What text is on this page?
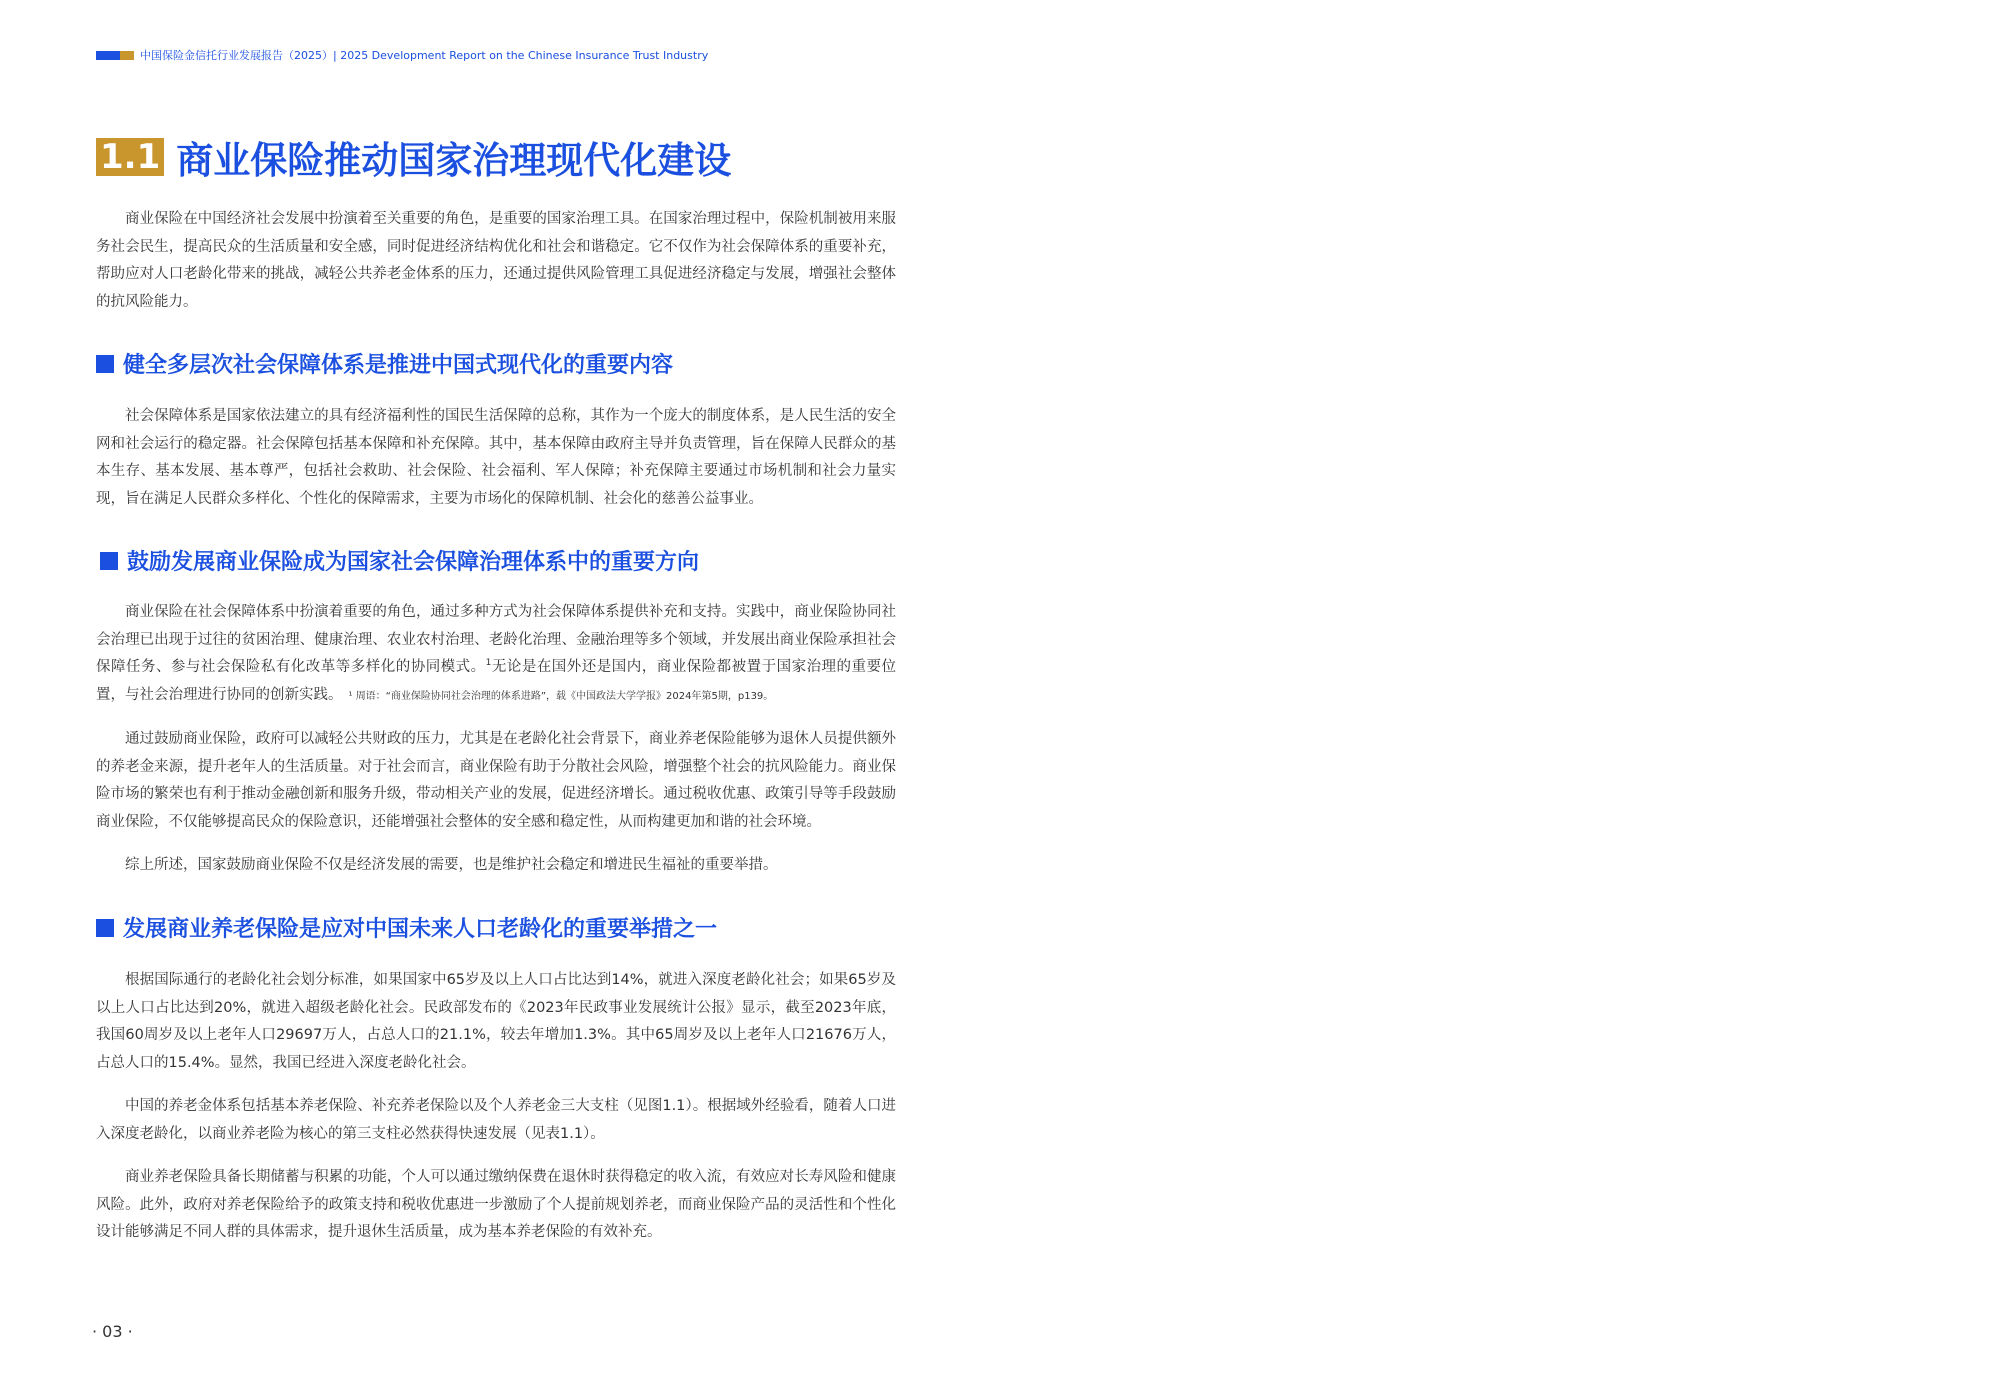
中国保险金信托行业发展报告（2025）| 2025 Development Report on the Chinese Insurance Trust Industry
1.1 商业保险推动国家治理现代化建设

商业保险在中国经济社会发展中扮演着至关重要的角色，是重要的国家治理工具。在国家治理过程中，保险机制被用来服务社会民生，提高民众的生活质量和安全感，同时促进经济结构优化和社会和谐稳定。它不仅作为社会保障体系的重要补充，帮助应对人口老龄化带来的挑战，减轻公共养老金体系的压力，还通过提供风险管理工具促进经济稳定与发展，增强社会整体的抗风险能力。

健全多层次社会保障体系是推进中国式现代化的重要内容

社会保障体系是国家依法建立的具有经济福利性的国民生活保障的总称，其作为一个庞大的制度体系，是人民生活的安全网和社会运行的稳定器。社会保障包括基本保障和补充保障。其中，基本保障由政府主导并负责管理，旨在保障人民群众的基本生存、基本发展、基本尊严，包括社会救助、社会保险、社会福利、军人保障；补充保障主要通过市场机制和社会力量实现，旨在满足人民群众多样化、个性化的保障需求，主要为市场化的保障机制、社会化的慈善公益事业。

鼓励发展商业保险成为国家社会保障治理体系中的重要方向

商业保险在社会保障体系中扮演着重要的角色，通过多种方式为社会保障体系提供补充和支持。实践中，商业保险协同社会治理已出现于过往的贫困治理、健康治理、农业农村治理、老龄化治理、金融治理等多个领域，并发展出商业保险承担社会保障任务、参与社会保险私有化改革等多样化的协同模式。$^1$无论是在国外还是国内，商业保险都被置于国家治理的重要位置，与社会治理进行协同的创新实践。 ¹ 周语：“商业保险协同社会治理的体系进路”，载《中国政法大学学报》2024年第5期，p139。

通过鼓励商业保险，政府可以减轻公共财政的压力，尤其是在老龄化社会背景下，商业养老保险能够为退休人员提供额外的养老金来源，提升老年人的生活质量。对于社会而言，商业保险有助于分散社会风险，增强整个社会的抗风险能力。商业保险市场的繁荣也有利于推动金融创新和服务升级，带动相关产业的发展，促进经济增长。通过税收优惠、政策引导等手段鼓励商业保险，不仅能够提高民众的保险意识，还能增强社会整体的安全感和稳定性，从而构建更加和谐的社会环境。

综上所述，国家鼓励商业保险不仅是经济发展的需要，也是维护社会稳定和增进民生福祉的重要举措。

发展商业养老保险是应对中国未来人口老龄化的重要举措之一

根据国际通行的老龄化社会划分标准，如果国家中65岁及以上人口占比达到14%，就进入深度老龄化社会；如果65岁及以上人口占比达到20%，就进入超级老龄化社会。民政部发布的《2023年民政事业发展统计公报》显示，截至2023年底，我国60周岁及以上老年人口29697万人，占总人口的21.1%，较去年增加1.3%。其中65周岁及以上老年人口21676万人，占总人口的15.4%。显然，我国已经进入深度老龄化社会。

中国的养老金体系包括基本养老保险、补充养老保险以及个人养老金三大支柱（见图1.1）。根据域外经验看，随着人口进入深度老龄化，以商业养老险为核心的第三支柱必然获得快速发展（见表1.1）。

商业养老保险具备长期储蓄与积累的功能，个人可以通过缴纳保费在退休时获得稳定的收入流，有效应对长寿风险和健康风险。此外，政府对养老保险给予的政策支持和税收优惠进一步激励了个人提前规划养老，而商业保险产品的灵活性和个性化设计能够满足不同人群的具体需求，提升退休生活质量，成为基本养老保险的有效补充。

· 03 ·
